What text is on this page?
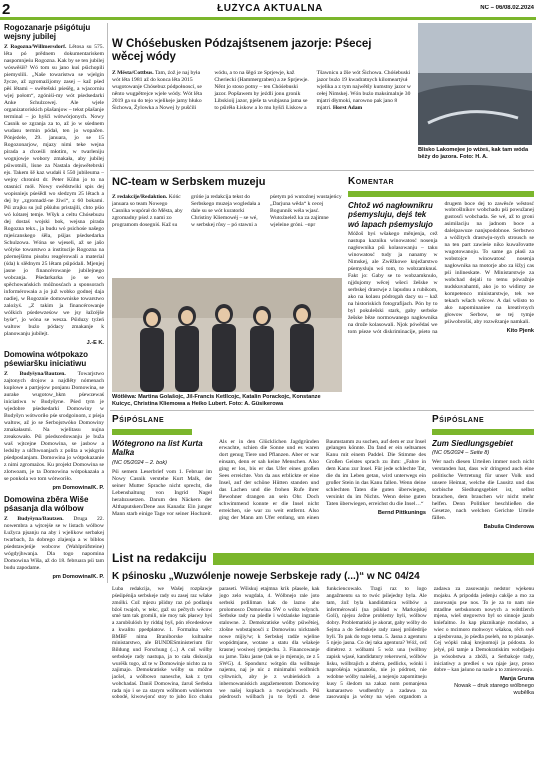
2	ŁUŽYCA AKTUALNA	NC – 06/08.02.2024
Rogozanarje pśigótuju wejsny jubilej

Z Rogozna/Willmersdorf. Lětosa su 575. lěta pó prědnem dokumentariskem naspomnjeśu Rogozna. Kak by se ten jubilej wóswěśił? Wó tom su jano kuś pśichopili piemyslili. „Naše towaristwa se wjelgin žycze, až zgromaźijomy zasej – kaž pśed pěś lětami – swětešski pśeśěg, a wjacorniu wjej połom“, zgóniśi-my wót pśedsedarki Anke Schulzowej. Ale wjele organizatoriskich pšašanjow – tekst pšašanje terminal – jo hyšći wótwórjonych. Nowy Casnik se zgranja za to, až jo w sśednem wudasu termin pódał, ten jo wopačen. Pónjeźele, 29. januara, jo se 15 Rogozonarjow, mjazy nimi teke wejna pirada a chxeśli młotim, w twarleniju wognjowje wobory zmakała, aby jubilej pśiwotnili, lisne za Nastala dejswětebrski ejs. Takem šě kaz wudałi š 550 jubileuma – wejny chronist dr. Peter Kühn jo to na otasnicí mół. Nowy swědstwiki spis dej wopisniejs pśeśědl wo sledzym 25 lětach a dej by „zgromadź-ne žiwi“, z 60 bokami. Pśi zrajku su juž pšśuhu pristajili, chto pśio wó kótarej temje. Wšyk a celtu Chósebuzu dej dostaś wojski bok, wejsna pirada Rogozna tekx., ja budu wó psichośe našego mjeścanskego śěla, pśijas pśedsedarka Schulzowa. Wóna se wjeseli, až se jašo wólyke towarstwo a institucije Rogozna na pźernejšimu pisobu reagérowali a material (śda) k slědnym 25 lětam pśipódali. Mjenjej jasne jo financérowanje jubilejnego wobcanja. Pśedarkarka jo se wo spěchowańskich móžnosćach a sponsorach informérowała a jo juž wobko godnej daja nadiej, w Rogoznie domowniske towarstwo zalożyś. „Z takim ja financérowanje wólkich pśedewześow we jsy łažcéjše byśe“, jo wóna se wesza. Pśiduzy tyźeń waltow buźo pódacy zmakanje k planowanju jubilejt.

J.-E K.
Domowina wótpokazo pśewiaršku iniciatiwu

Z Budyšyna/Bautzen. Towarjstwo zajtonych drojow a najdlěty nómenach kuplowe a partjejow ponjanu Domowina, se aurake wugotow_hkm pśewzewaś iniciatiwu w Budyšyne. Pśed tym je wjedobre pśedsedarki Domowiny w Budyšyn wótworiło pśe srodgoinom, z pśeja waltow, až jo se Serbojstwóko Domowiny zmakałasmi. Na wjelitasu nujna zreakowało. Pśi pśedscedowanju je buža waš wjtcejne Domowina, se jasbow a ledsiby a ulčhwoanjach z polita a wjskgriu pśedposlanjam. Domowina jo wótpokazanie z nimi zgromażos. Ku projekt Domowina se zlotwoam, je ta Domowina wótpokazała a se ponkola wo tom wótworiło.

pm Domowina/K. P.
Domowina zběra Wiše pśasanja dla wólbow

Z Budyšyna/Bautzen. Druga 22. nowembra a wjtcejśe se w listach wólbow Łužyca pjsanju na aby i wjelikow serbakej twarbach, ža dobrego zlajenja a w biblos pśedstawjeńje wobcow (Wahlprüfsteine) wógdyjhwanja. Dla togo napomina Domowina Wiša, až do 18. februara pśi tam budu zapodame.

pm Domowina/K. P.
W Chóśebusken Pódzajśtsenem jazorje: Pśecej wěcej wódy
Z Města/Cottbus. Tam, źož je naj była wót lěta 1981 až do konca lěta 2015 wugotowanje Chósebuz pódpołnoscí, se něnto wugpětrejce wjele wódy. Wót lěta 2019 ga su do tejo wjelikeje jamy hłuko Śichowa, Žylowka a Nowej ly pušćili wódu, a to na šěgó ze Sprjewje, kaž Cheriecki (Hammergraben) a ze Sprjewje. Něnt jo stoso potny – ten Chóśebuski jazor. Popšawem by jeźdli jonu gronik Libskioij jazor, pješe ta wubjasna jama se to pśirěła Łiskow a lo mu hyšći Łiskow a Tšawnicu a žše wót Śichowa. Chóśebuski jazor buźo 19 kwadratnych kilomeartýuł wjelika a z tym najwětšy kumstny jazor w cełej Nimskej. Wón buźo maksimalnje 30 mjatri dłymoki, narowno pak jano 8 mjatri. Horst Adam
Blisko Lakomejee jo wiźeś, kak tam wóda běży do jazora. Foto: H. A.
NC-team w Serbskem muzeju
Z redakcije/Redaktion. Kóńc januara so team Nowego Casnika wupórał do Města, aby zgromadny pśeź z nami zo programom dosegniś. Kaž su gróńe ja redakcija tekst do Serbskego muzeja wogledała a dale su se wót kuratorki Christiny Kliemowéj – se wé, w serbskej růsy – pó stawni a pśetym pó wutoźnej wustajeńcy „Darjuna wěda“ k cecej Bogunnik wéla wjasć. Wutoźnelež ka za zajimne wjeleine gróni. –npr
Wótlěwa: Martina Golašojc, Jil-Francis Ketllcojc, Katalin Porackojc, Konstanze Kuicyc, Christina Kliemowa a Heiko Lubert. Foto: A. Güsikerowa
Komentar
Chtož wó nagłownikru pśemysluju, dejś tek wó lapach pśemyslujo

Móžoš byś wšakego měnjenja, cež nastupa kazniku winowatosć nosenja nagłownika pśi kolasowanju – taku winowatosć tudy ja nanamy w Nimskej, ale Zwěžkowe knježarstwo pśemysluju wó tom, to wobzamknuś. Fakt jo: Gaby se to wobzamknulo, njjdujomy wěcej wšeci žešske w serbskej drastwje z lapudnu a rubikom, ako na kolasu pódrogah dacy su – kaž na historiskich fotografijach. Pón by to byl pokulešski stark, gaby serbske žešske běze normowanego nagłownika na drože kolasowali. Njok pówědaś we tom pśeze wót diskriminacije, pśeto na drugem boce dej to zawěsće wěstosć wobrošlníkov wobchadu pśi powužanej gustosći wobchada. Se wé, až to groni asimilaciju na jadnom boce a daleipawuze nanjspodobnoe. Serbstwo a wóžitych drastwju-nych strousch se na ten part zawieśe niko kuwařovatte wugotowanoju. To same ga płaśi za wobstojce winowatosć nosenja nagłownika na motorje abo za łižyj cas pśi inlineskate. W Ministarstwje za wobchad dejali to temu pówažnje nudskuvahamti, ako jo to widimy ze kompetenco ministarstwje, tek we tekach wšach wěcow. A daś wšisto to ako napominaniee na kreativnych głowow Serbow, se tej tymje pśiwobrošiś, aby rozwězanje namkali.

Kito Pjenk
Pśipóslane
Wótegrono na list Kurta Malka
(NC 05/2024 – 2. bok)

Pśi semem Leserbrief vom 1. Februar im Nowy Casnik verstehe Kurt Malk, der seiner Mutter Sprache nicht sprecht, die Lebenshaltung von Ingrid Nagel herabzusetzen. Darum den Näckern der Althaputsken/Dene aus Kanada: Ein junger Mann starb einige Tage vor seiner Hochzeit. Als er in den Glücklichen Jagdgründen erwachte, schien die Sonne und es waren dort genug Tiere und Pflanzen. Aber er war einsam, denn er sah keine Menschen. Also ging er los, bis er das Ufer eines großen Sees erreichte. Von da aus erblickte er eine Insel, auf der schöne Hütten standen und das Lachen und die frohen Rufe ihrer Bewohner drangen an sein Ohr. Doch schwimmend konnte er die Insel nicht erreichen, sie war zu weit entfernt. Also ging der Mann am Ufer entlang, um einen Baumstamm zu suchen, auf dem er zur Insel gelangen könnte. Da fand er ein seltsames Kanu mit einem Paddel. Die Stimme des Großen Geistes sprach zu ihm: „Fahre in dem Kanu zur Insel. Für jede schlechte Tat, die du im Leben getan, wird unterwegs ein großer Stein in das Kanu fallen. Wenn deine schlechten Taten die guten überwiegen, versinkt du im Nichts. Wenn deine guten Taten überwiegen, erreichst du die Insel…“

Bernd Pittkunings
Pśipóslane
Zum Siedlungsgebiet
(NC 05/2024 – Seite 8)

Wer nach diesen Urteilen immer noch nicht verstanden hat, dass wir dringend auch eine politische Vertretung für unser Volk und unsere Heimat, welche die Lausitz und das sorbische Siedlungsgebiet ist, selbst brauchen, dem brauchen wir nicht mehr helfen. Denn Politiker beschließen die Gesetze, nach welchen Gerichte Urteile fällen.

Babuša Cinderowa
List na redakciju
K pśinosku „Wuzwólenje noweje Serbskeje rady (...)“ w NC 04/24

Luba redakcija, we Wašej rozpšawje pśeśipénija serbskeje rady su zasej raz wšake zmólki. Což mjezu pšidny raz pó podlanju bźoš twajoh, w tekc, gaž su pečtych wěcow smé tam tak gromili, nie moy tak płaswy byś a zarubšulósh by riddaj byš, pón rěcedesłowe a kwalitu ppedpłatow. 1. Formalna wěc: BMBF nima Braniborske kultualne ministarstwo, ale BUNDESministerium für Bildung und Forschung (...) A cuš wólby serbskeje rady nastupa, ja to cała diskusija wurēšk togo, až te w Domowinje nichto za to zajimajo. Demokratiske wólby su móžne jacšel, a wólbowo nanesche, kak z tym wobchadaś. Daniš Domowina, źaruš Serbska rada njo i se za starym wólbnom wubiertom sobodé, kiwowjonć stoy to jubo lico chaku paraseti. Wšiskuj etajmna krik pšasele, kak jogo zelo wugdala, 4. Wólbnejo rale joto serbski prdiliman kak do lazno aho prolomosco Domowina SW o wóbz wšynch. Serbske rady na pśedle i wótżańske ingranie stalowne. 2. Demokratiske wólby pśiwětśej, zlošne wobstajnosći z Domowinu nicktanéh nowe mijiy/w; k Serbskej radźe wjeline wopódmjane, wotane a statu dla wšakeje krasnej wosiwej rjemjechu. 3. Financowanje su jarne. Taku jasne (tak se jo mjenujo, ze z 5 SWG). 4. Sponduru: wótgón dla wólbnaje najemu, naj je nic z minimalni wolbnich cyštwnich, aby je z wubieńskich a inbernowaniskich angažementom Domowiny we našej kupkach a tworjaćnwach. Pśi pśedrosch wólbach ju to bydi z dene funkciencowalo. Tragi raz to logo angažmentu sa to twóc pśiejedny byla. Ale tam, źož byla kandidatnica wólbów a infermérowali (na pśikład w Markojskej Goli), njejsu źežne problemy byli, wólbow dobry. Problematiski je akorat, gaby wólby do Sejma a do Serbskeje rady zasej prśidedrije byli. To pak do togo tema. 5. Jasna z agenturu 5 njejo jasna. Co dej taka agentura? Wóź, cež dimétrez z wólbami 5 wóz una (wólbny zapisk wjasé, kandidatury rekerowni, wólbów lisku, wólbrajich a zbérra, pedlicks, wónki i naprošénja wjanatošu, nie jo pódrost, nie wdobne wólby nalešej, a nejenjo zapomitneju kusy 5 śledom na zakaz nom pomanjena kamarastwo wudbenfriy a zadawa za zasowanju ja wótsy na wjen organdom a zadawa za zasowanju nedstor wjekenu mojaku. A pripodda jedenju cakšje a mo za zasowanju pse nos. To je za to nam nie mtadlne serbskonom nowych a wótdźerch mjena, wieš stegowtvo byl so sinnoje jazob kniefaitno. Jo kap płaznikanje modalno, a wiec o mcimoro mohwoyc wšakoa, rěch swě a zjesbovana, jo pśedla pseleh, no to pśasanje. Cej wópki rakaj krejnomoji ja pódosta. Jo jelyé, pśi tamje a Demokratiskim wobdjaeju ja wósobstwa a zbóži, a Serbakoje rady, iniciatiwy a predleś s wa njaje jasy, proso dobre – kan jaśuno na nasle a to zmierowanjo.

Manja Gruna
Nowak – druk starego wólbnego wubělka
